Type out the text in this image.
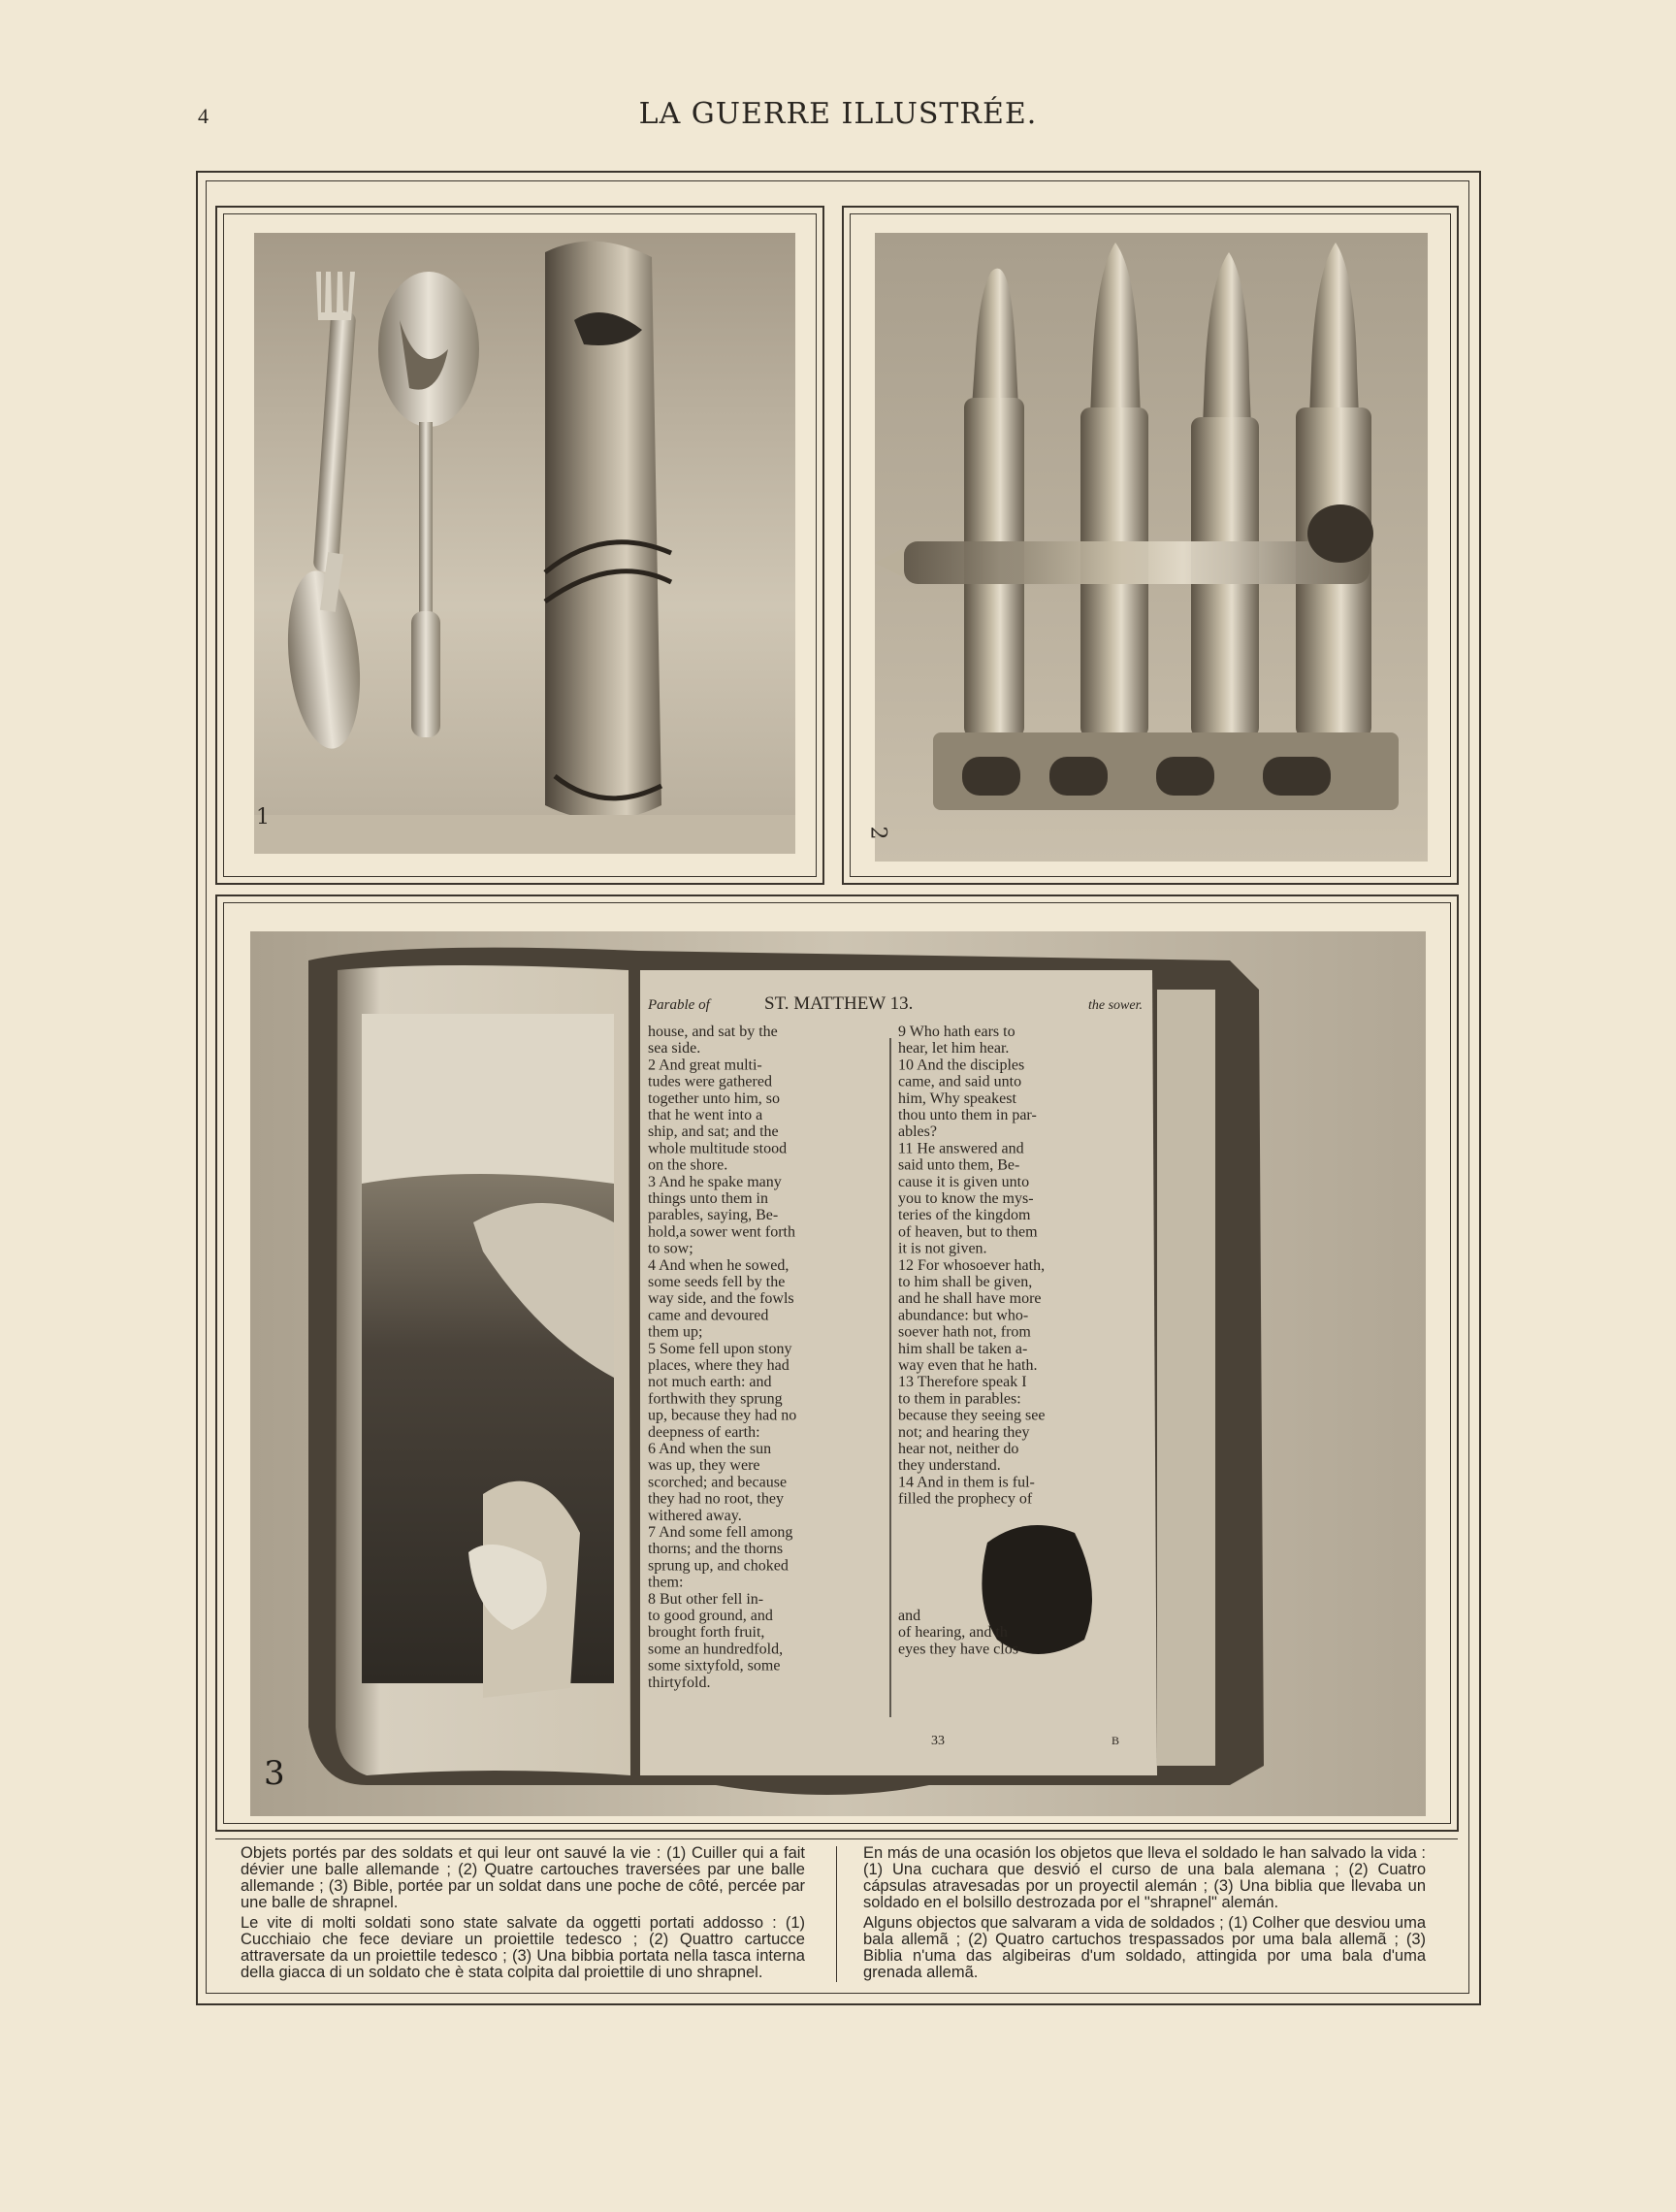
4	LA GUERRE ILLUSTRÉE.
1
2
Parable of	ST. MATTHEW 13.	the sower.
house, and sat by the
sea side.
2 And great multi-
tudes were gathered
together unto him, so
that he went into a
ship, and sat; and the
whole multitude stood
on the shore.
3 And he spake many
things unto them in
parables, saying, Be-
hold,a sower went forth
to sow;
4 And when he sowed,
some seeds fell by the
way side, and the fowls
came and devoured
them up;
5 Some fell upon stony
places, where they had
not much earth: and
forthwith they sprung
up, because they had no
deepness of earth:
6 And when the sun
was up, they were
scorched; and because
they had no root, they
withered away.
7 And some fell among
thorns; and the thorns
sprung up, and choked
them:
8 But other fell in-
to good ground, and
brought forth fruit,
some an hundredfold,
some sixtyfold, some
thirtyfold.
9 Who hath ears to
hear, let him hear.
10 And the disciples
came, and said unto
him, Why speakest
thou unto them in par-
ables?
11 He answered and
said unto them, Be-
cause it is given unto
you to know the mys-
teries of the kingdom
of heaven, but to them
it is not given.
12 For whosoever hath,
to him shall be given,
and he shall have more
abundance: but who-
soever hath not, from
him shall be taken a-
way even that he hath.
13 Therefore speak I
to them in parables:
because they seeing see
not; and hearing they
hear not, neither do
they understand.
14 And in them is ful-
filled the prophecy of
and
of hearing, and th
eyes they have clos
33	B
3

Objets portés par des soldats et qui leur ont sauvé la vie : (1) Cuiller qui a fait dévier une balle allemande ; (2) Quatre cartouches traversées par une balle allemande ; (3) Bible, portée par un soldat dans une poche de côté, percée par une balle de shrapnel.

Le vite di molti soldati sono state salvate da oggetti portati addosso : (1) Cucchiaio che fece deviare un proiettile tedesco ; (2) Quattro cartucce attraversate da un proiettile tedesco ; (3) Una bibbia portata nella tasca interna della giacca di un soldato che è stata colpita dal proiettile di uno shrapnel.

En más de una ocasión los objetos que lleva el soldado le han salvado la vida : (1) Una cuchara que desvió el curso de una bala alemana ; (2) Cuatro cápsulas atravesadas por un proyectil alemán ; (3) Una biblia que llevaba un soldado en el bolsillo destrozada por el "shrapnel" alemán.

Alguns objectos que salvaram a vida de soldados ; (1) Colher que desviou uma bala allemã ; (2) Quatro cartuchos trespassados por uma bala allemã ; (3) Biblia n'uma das algibeiras d'um soldado, attingida por uma bala d'uma grenada allemã.
